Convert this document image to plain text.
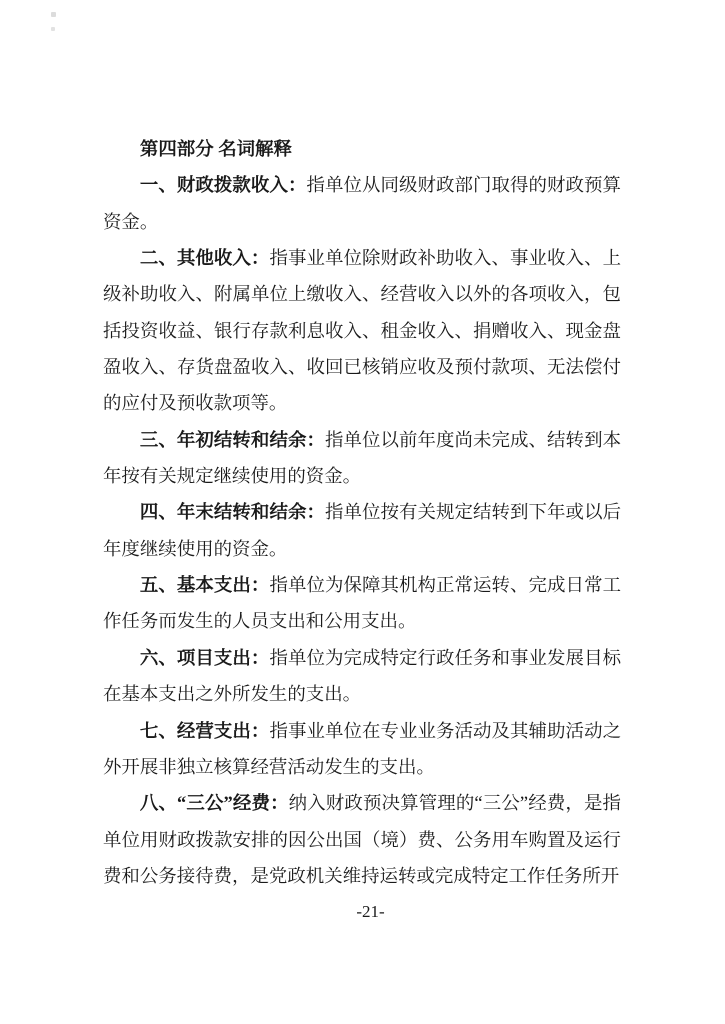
第四部分 名词解释

一、财政拨款收入：指单位从同级财政部门取得的财政预算资金。

二、其他收入：指事业单位除财政补助收入、事业收入、上级补助收入、附属单位上缴收入、经营收入以外的各项收入，包括投资收益、银行存款利息收入、租金收入、捐赠收入、现金盘盈收入、存货盘盈收入、收回已核销应收及预付款项、无法偿付的应付及预收款项等。

三、年初结转和结余：指单位以前年度尚未完成、结转到本年按有关规定继续使用的资金。

四、年末结转和结余：指单位按有关规定结转到下年或以后年度继续使用的资金。

五、基本支出：指单位为保障其机构正常运转、完成日常工作任务而发生的人员支出和公用支出。

六、项目支出：指单位为完成特定行政任务和事业发展目标在基本支出之外所发生的支出。

七、经营支出：指事业单位在专业业务活动及其辅助活动之外开展非独立核算经营活动发生的支出。

八、“三公”经费：纳入财政预决算管理的“三公”经费，是指单位用财政拨款安排的因公出国（境）费、公务用车购置及运行费和公务接待费，是党政机关维持运转或完成特定工作任务所开

-21-
